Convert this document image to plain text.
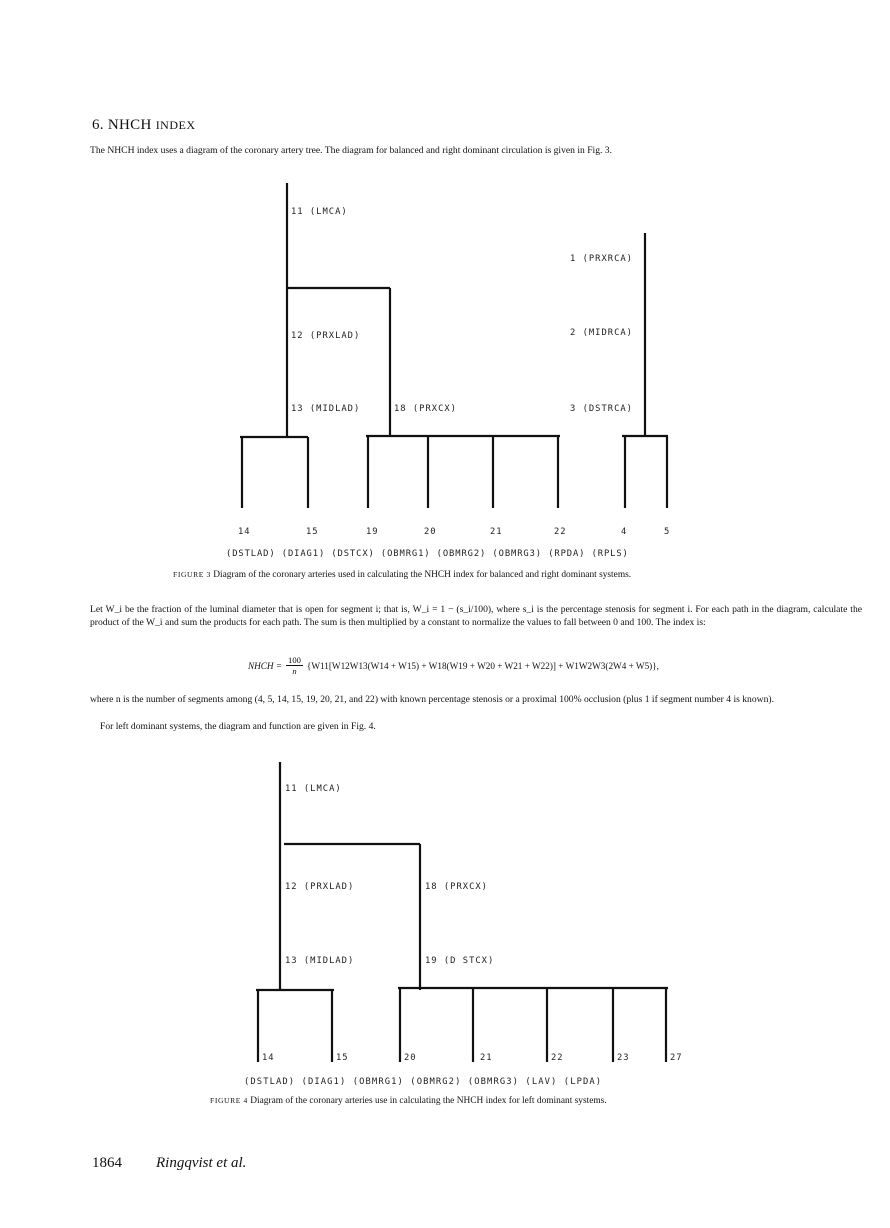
6. NHCH INDEX

The NHCH index uses a diagram of the coronary artery tree. The diagram for balanced and right dominant circulation is given in Fig. 3.

11 (LMCA)
12 (PRXLAD)
13 (MIDLAD)	18 (PRXCX)
1 (PRXRCA)
2 (MIDRCA)
3 (DSTRCA)
14	15	19	20	21	22	4	5
(DSTLAD) (DIAG1) (DSTCX) (OBMRG1) (OBMRG2) (OBMRG3) (RPDA) (RPLS)
FIGURE 3 Diagram of the coronary arteries used in calculating the NHCH index for balanced and right dominant systems.

Let W_i be the fraction of the luminal diameter that is open for segment i; that is, W_i = 1 − (s_i/100), where s_i is the percentage stenosis for segment i. For each path in the diagram, calculate the product of the W_i and sum the products for each path. The sum is then multiplied by a constant to normalize the values to fall between 0 and 100. The index is:

NHCH = $\frac{100}{n} \{W11[W12W13(W14 + W15) + W18(W19 + W20 + W21 + W22)] + W1W2W3(2W4 + W5)\}$,

where n is the number of segments among (4, 5, 14, 15, 19, 20, 21, and 22) with known percentage stenosis or a proximal 100% occlusion (plus 1 if segment number 4 is known).

For left dominant systems, the diagram and function are given in Fig. 4.

11 (LMCA)
12 (PRXLAD)
13 (MIDLAD)
18 (PRXCX)
19 (D STCX)
14	15	20	21	22	23	27
(DSTLAD) (DIAG1) (OBMRG1) (OBMRG2) (OBMRG3) (LAV) (LPDA)
FIGURE 4 Diagram of the coronary arteries use in calculating the NHCH index for left dominant systems.
1864 Ringqvist et al.
